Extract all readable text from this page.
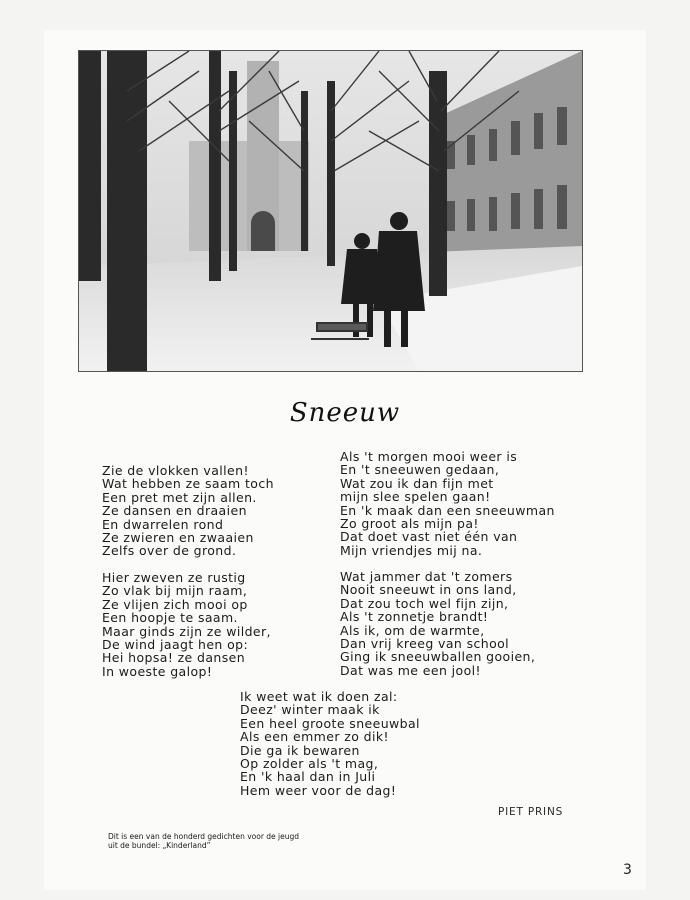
Sneeuw
Zie de vlokken vallen!
Wat hebben ze saam toch
Een pret met zijn allen.
Ze dansen en draaien
En dwarrelen rond
Ze zwieren en zwaaien
Zelfs over de grond.
Hier zweven ze rustig
Zo vlak bij mijn raam,
Ze vlijen zich mooi op
Een hoopje te saam.
Maar ginds zijn ze wilder,
De wind jaagt hen op:
Hei hopsa! ze dansen
In woeste galop!
Als 't morgen mooi weer is
En 't sneeuwen gedaan,
Wat zou ik dan fijn met
mijn slee spelen gaan!
En 'k maak dan een sneeuwman
Zo groot als mijn pa!
Dat doet vast niet één van
Mijn vriendjes mij na.
Wat jammer dat 't zomers
Nooit sneeuwt in ons land,
Dat zou toch wel fijn zijn,
Als 't zonnetje brandt!
Als ik, om de warmte,
Dan vrij kreeg van school
Ging ik sneeuwballen gooien,
Dat was me een jool!
Ik weet wat ik doen zal:
Deez' winter maak ik
Een heel groote sneeuwbal
Als een emmer zo dik!
Die ga ik bewaren
Op zolder als 't mag,
En 'k haal dan in Juli
Hem weer voor de dag!
PIET PRINS
Dit is een van de honderd gedichten voor de jeugd
uit de bundel: „Kinderland”
3
